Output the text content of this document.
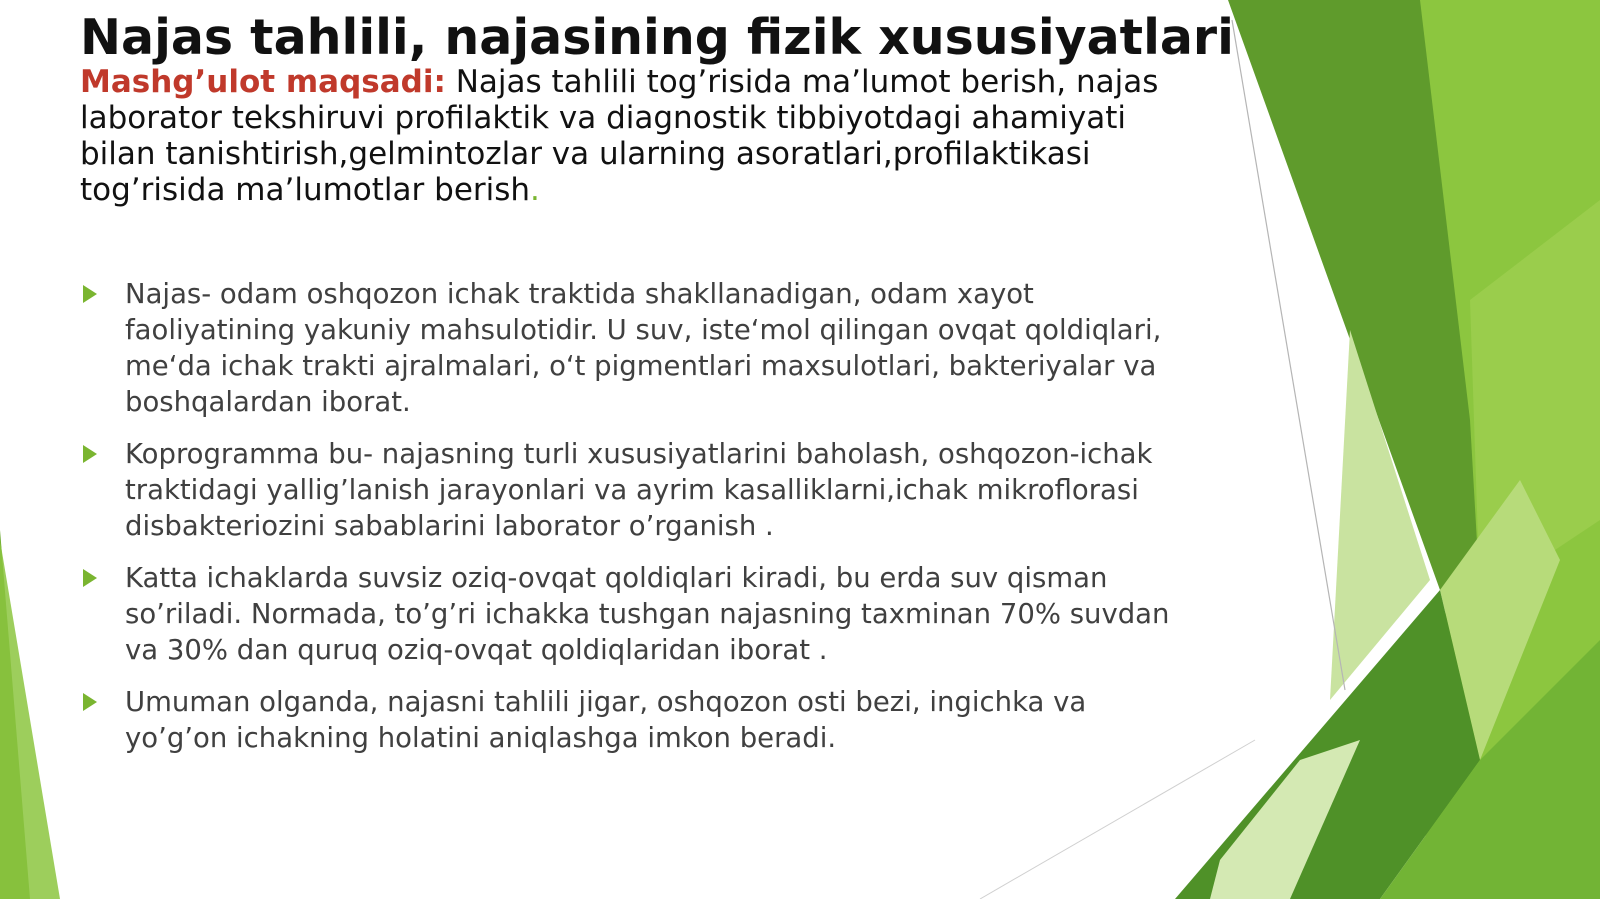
Najas tahlili, najasining fizik xususiyatlari

Mashg’ulot maqsadi: Najas tahlili tog’risida ma’lumot berish, najas laborator tekshiruvi profilaktik va diagnostik tibbiyotdagi ahamiyati bilan tanishtirish,gelmintozlar va ularning asoratlari,profilaktikasi tog’risida ma’lumotlar berish.

Najas- odam oshqozon ichak traktida shakllanadigan, odam xayot faoliyatining yakuniy mahsulotidir. U suv, iste‘mol qilingan ovqat qoldiqlari, me‘da ichak trakti ajralmalari, o‘t pigmentlari maxsulotlari, bakteriyalar va boshqalardan iborat.
Koprogramma bu- najasning turli xususiyatlarini baholash, oshqozon-ichak traktidagi yallig’lanish jarayonlari va ayrim kasalliklarni,ichak mikroflorasi disbakteriozini sabablarini laborator o’rganish .
Katta ichaklarda suvsiz oziq-ovqat qoldiqlari kiradi, bu erda suv qisman so’riladi. Normada, to’g’ri ichakka tushgan najasning taxminan 70% suvdan va 30% dan quruq oziq-ovqat qoldiqlaridan iborat .
Umuman olganda, najasni tahlili jigar, oshqozon osti bezi, ingichka va yo’g’on ichakning holatini aniqlashga imkon beradi.
